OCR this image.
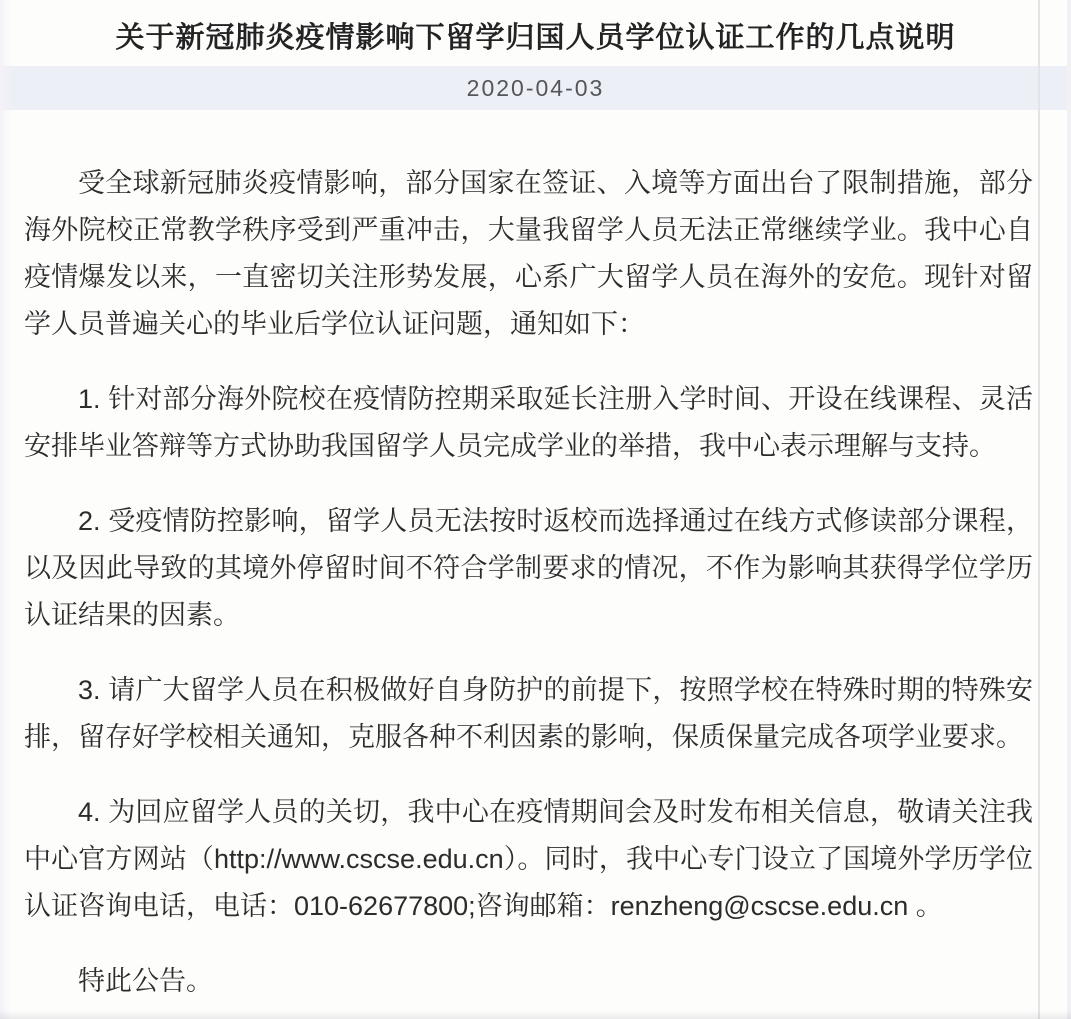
关于新冠肺炎疫情影响下留学归国人员学位认证工作的几点说明
2020-04-03

受全球新冠肺炎疫情影响，部分国家在签证、入境等方面出台了限制措施，部分海外院校正常教学秩序受到严重冲击，大量我留学人员无法正常继续学业。我中心自疫情爆发以来，一直密切关注形势发展，心系广大留学人员在海外的安危。现针对留学人员普遍关心的毕业后学位认证问题，通知如下：

1. 针对部分海外院校在疫情防控期采取延长注册入学时间、开设在线课程、灵活安排毕业答辩等方式协助我国留学人员完成学业的举措，我中心表示理解与支持。

2. 受疫情防控影响，留学人员无法按时返校而选择通过在线方式修读部分课程，以及因此导致的其境外停留时间不符合学制要求的情况，不作为影响其获得学位学历认证结果的因素。

3. 请广大留学人员在积极做好自身防护的前提下，按照学校在特殊时期的特殊安排，留存好学校相关通知，克服各种不利因素的影响，保质保量完成各项学业要求。

4. 为回应留学人员的关切，我中心在疫情期间会及时发布相关信息，敬请关注我中心官方网站（http://www.cscse.edu.cn）。同时，我中心专门设立了国境外学历学位认证咨询电话，电话：010-62677800;咨询邮箱：renzheng@cscse.edu.cn 。

特此公告。
